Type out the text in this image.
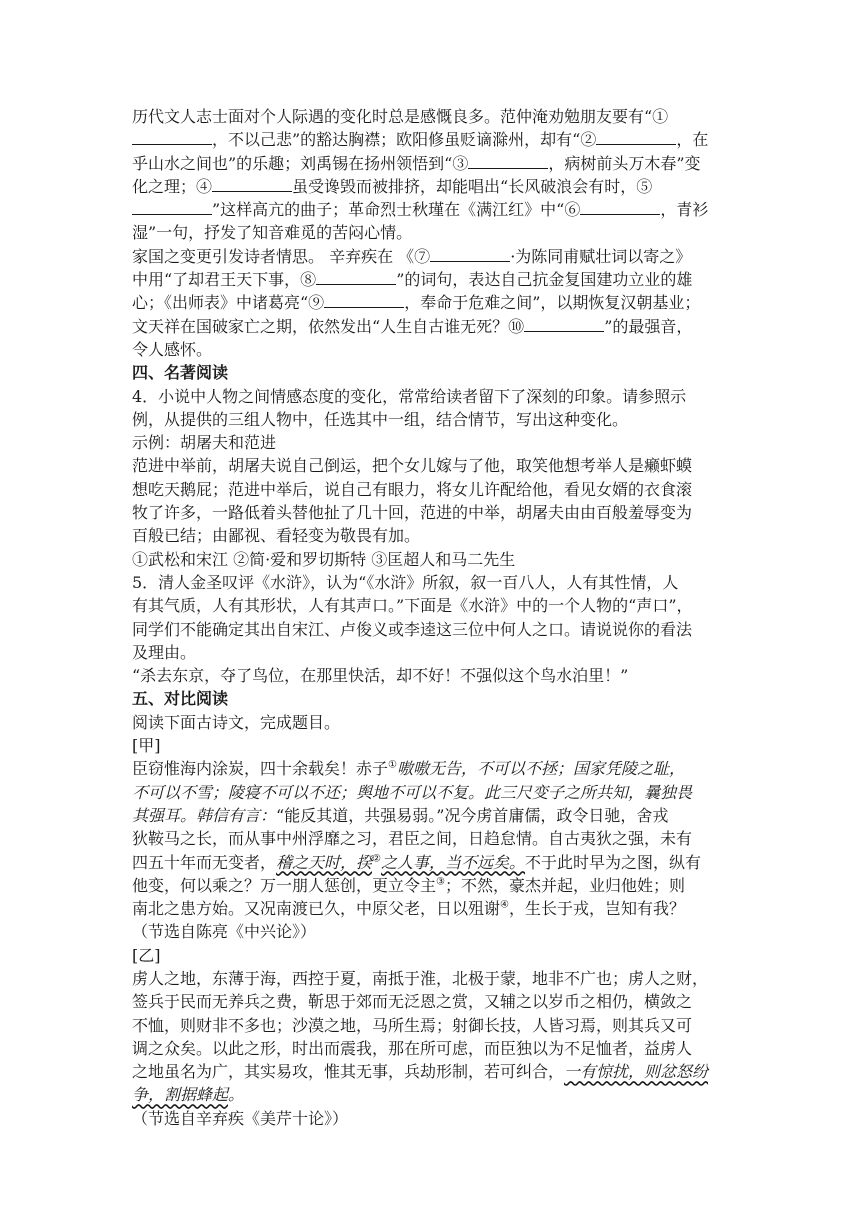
历代文人志士面对个人际遇的变化时总是感慨良多。范仲淹劝勉朋友要有“①
，不以己悲”的豁达胸襟；欧阳修虽贬谪滁州，却有“②	，在
乎山水之间也”的乐趣；刘禹锡在扬州领悟到“③	，病树前头万木春”变
化之理；④	虽受谗毁而被排挤，却能唱出“长风破浪会有时，⑤
”这样高亢的曲子；革命烈士秋瑾在《满江红》中“⑥	，青衫
湿”一句，抒发了知音难觅的苦闷心情。
家国之变更引发诗者情思。 辛弃疾在 《⑦	·为陈同甫赋壮词以寄之》
中用“了却君王天下事，⑧	”的词句，表达自己抗金复国建功立业的雄
心；《出师表》中诸葛亮“⑨	，奉命于危难之间”，以期恢复汉朝基业；
文天祥在国破家亡之期，依然发出“人生自古谁无死？⑩	”的最强音，
令人感怀。
四、名著阅读
4．小说中人物之间情感态度的变化，常常给读者留下了深刻的印象。请参照示
例，从提供的三组人物中，任选其中一组，结合情节，写出这种变化。
示例：胡屠夫和范进
范进中举前，胡屠夫说自己倒运，把个女儿嫁与了他，取笑他想考举人是癞虾蟆
想吃天鹅屁；范进中举后，说自己有眼力，将女儿许配给他，看见女婿的衣食滚
牧了许多，一路低着头替他扯了几十回，范进的中举，胡屠夫由由百般羞辱变为
百般已结；由鄙视、看轻变为敬畏有加。
①武松和宋江 ②简·爱和罗切斯特 ③匡超人和马二先生
5．清人金圣叹评《水浒》，认为“《水浒》所叙，叙一百八人，人有其性情，人
有其气质，人有其形状，人有其声口。”下面是《水浒》中的一个人物的“声口”，
同学们不能确定其出自宋江、卢俊义或李逵这三位中何人之口。请说说你的看法
及理由。
“杀去东京，夺了鸟位，在那里快活，却不好！不强似这个鸟水泊里！”
五、对比阅读
阅读下面古诗文，完成题目。
[甲]
臣窃惟海内涂炭，四十余载矣！赤子①嗷嗷无告，不可以不拯；国家凭陵之耻，
不可以不雪；陵寝不可以不还；舆地不可以不复。此三尺变子之所共知，曩独畏
其强耳。韩信有言：“能反其道，共强易弱。”况今虏首庸儒，政令日驰，舍戎
狄鞍马之长，而从事中州浮靡之习，君臣之间，日趋怠情。自古夷狄之强，未有
四五十年而无变者，稽之天时，揆②之人事，当不远矣。不于此时早为之图，纵有
他变，何以乘之？万一朋人惩创，更立令主③；不然，豪杰并起，业归他姓；则
南北之患方始。又况南渡已久，中原父老，日以殂谢④，生长于戎，岂知有我？
（节选自陈亮《中兴论》）
[乙]
虏人之地，东薄于海，西控于夏，南抵于淮，北极于蒙，地非不广也；虏人之财，
签兵于民而无养兵之费，靳思于郊而无泛恩之赏，又辅之以岁币之相仍，横敛之
不恤，则财非不多也；沙漠之地，马所生焉；射御长技，人皆习焉，则其兵又可
调之众矣。以此之形，时出而震我，那在所可虑，而臣独以为不足恤者，益虏人
之地虽名为广，其实易攻，惟其无事，兵劫形制，若可纠合，一有惊扰，则忿怒纷
争，割据蜂起。
（节选自辛弃疾《美芹十论》）
